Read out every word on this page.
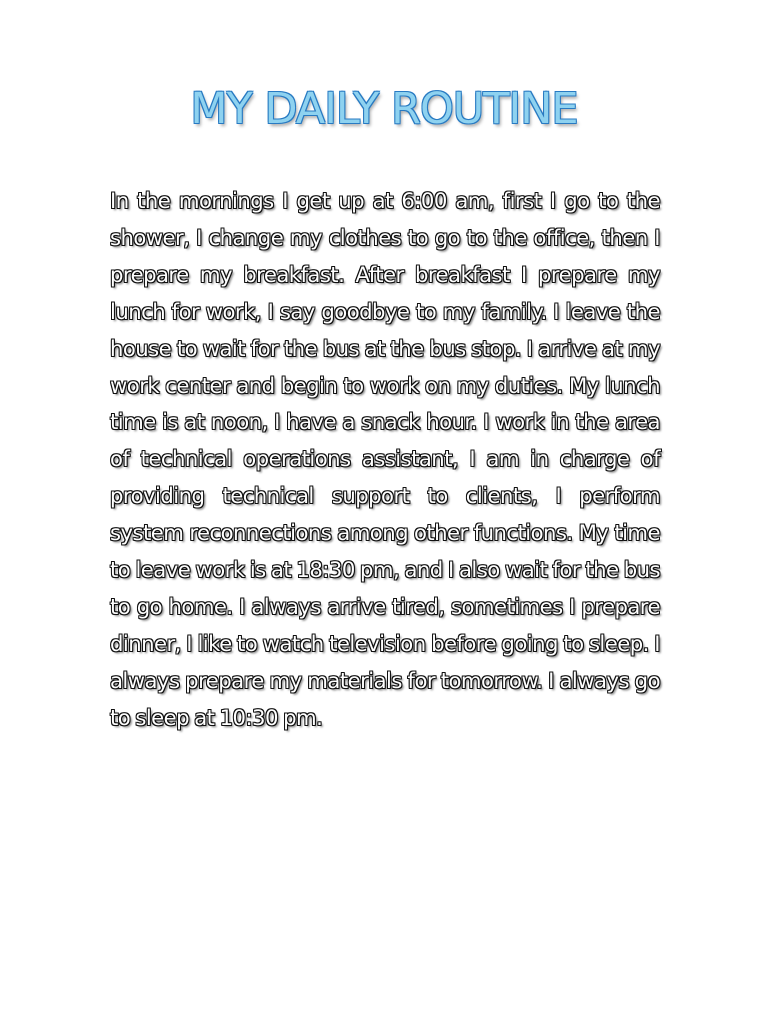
MY DAILY ROUTINE

In the mornings I get up at 6:00 am, first I go to the shower, I change my clothes to go to the office, then I prepare my breakfast. After breakfast I prepare my lunch for work, I say goodbye to my family. I leave the house to wait for the bus at the bus stop. I arrive at my work center and begin to work on my duties. My lunch time is at noon, I have a snack hour. I work in the area of technical operations assistant, I am in charge of providing technical support to clients, I perform system reconnections among other functions. My time to leave work is at 18:30 pm, and I also wait for the bus to go home. I always arrive tired, sometimes I prepare dinner, I like to watch television before going to sleep. I always prepare my materials for tomorrow. I always go to sleep at 10:30 pm.
